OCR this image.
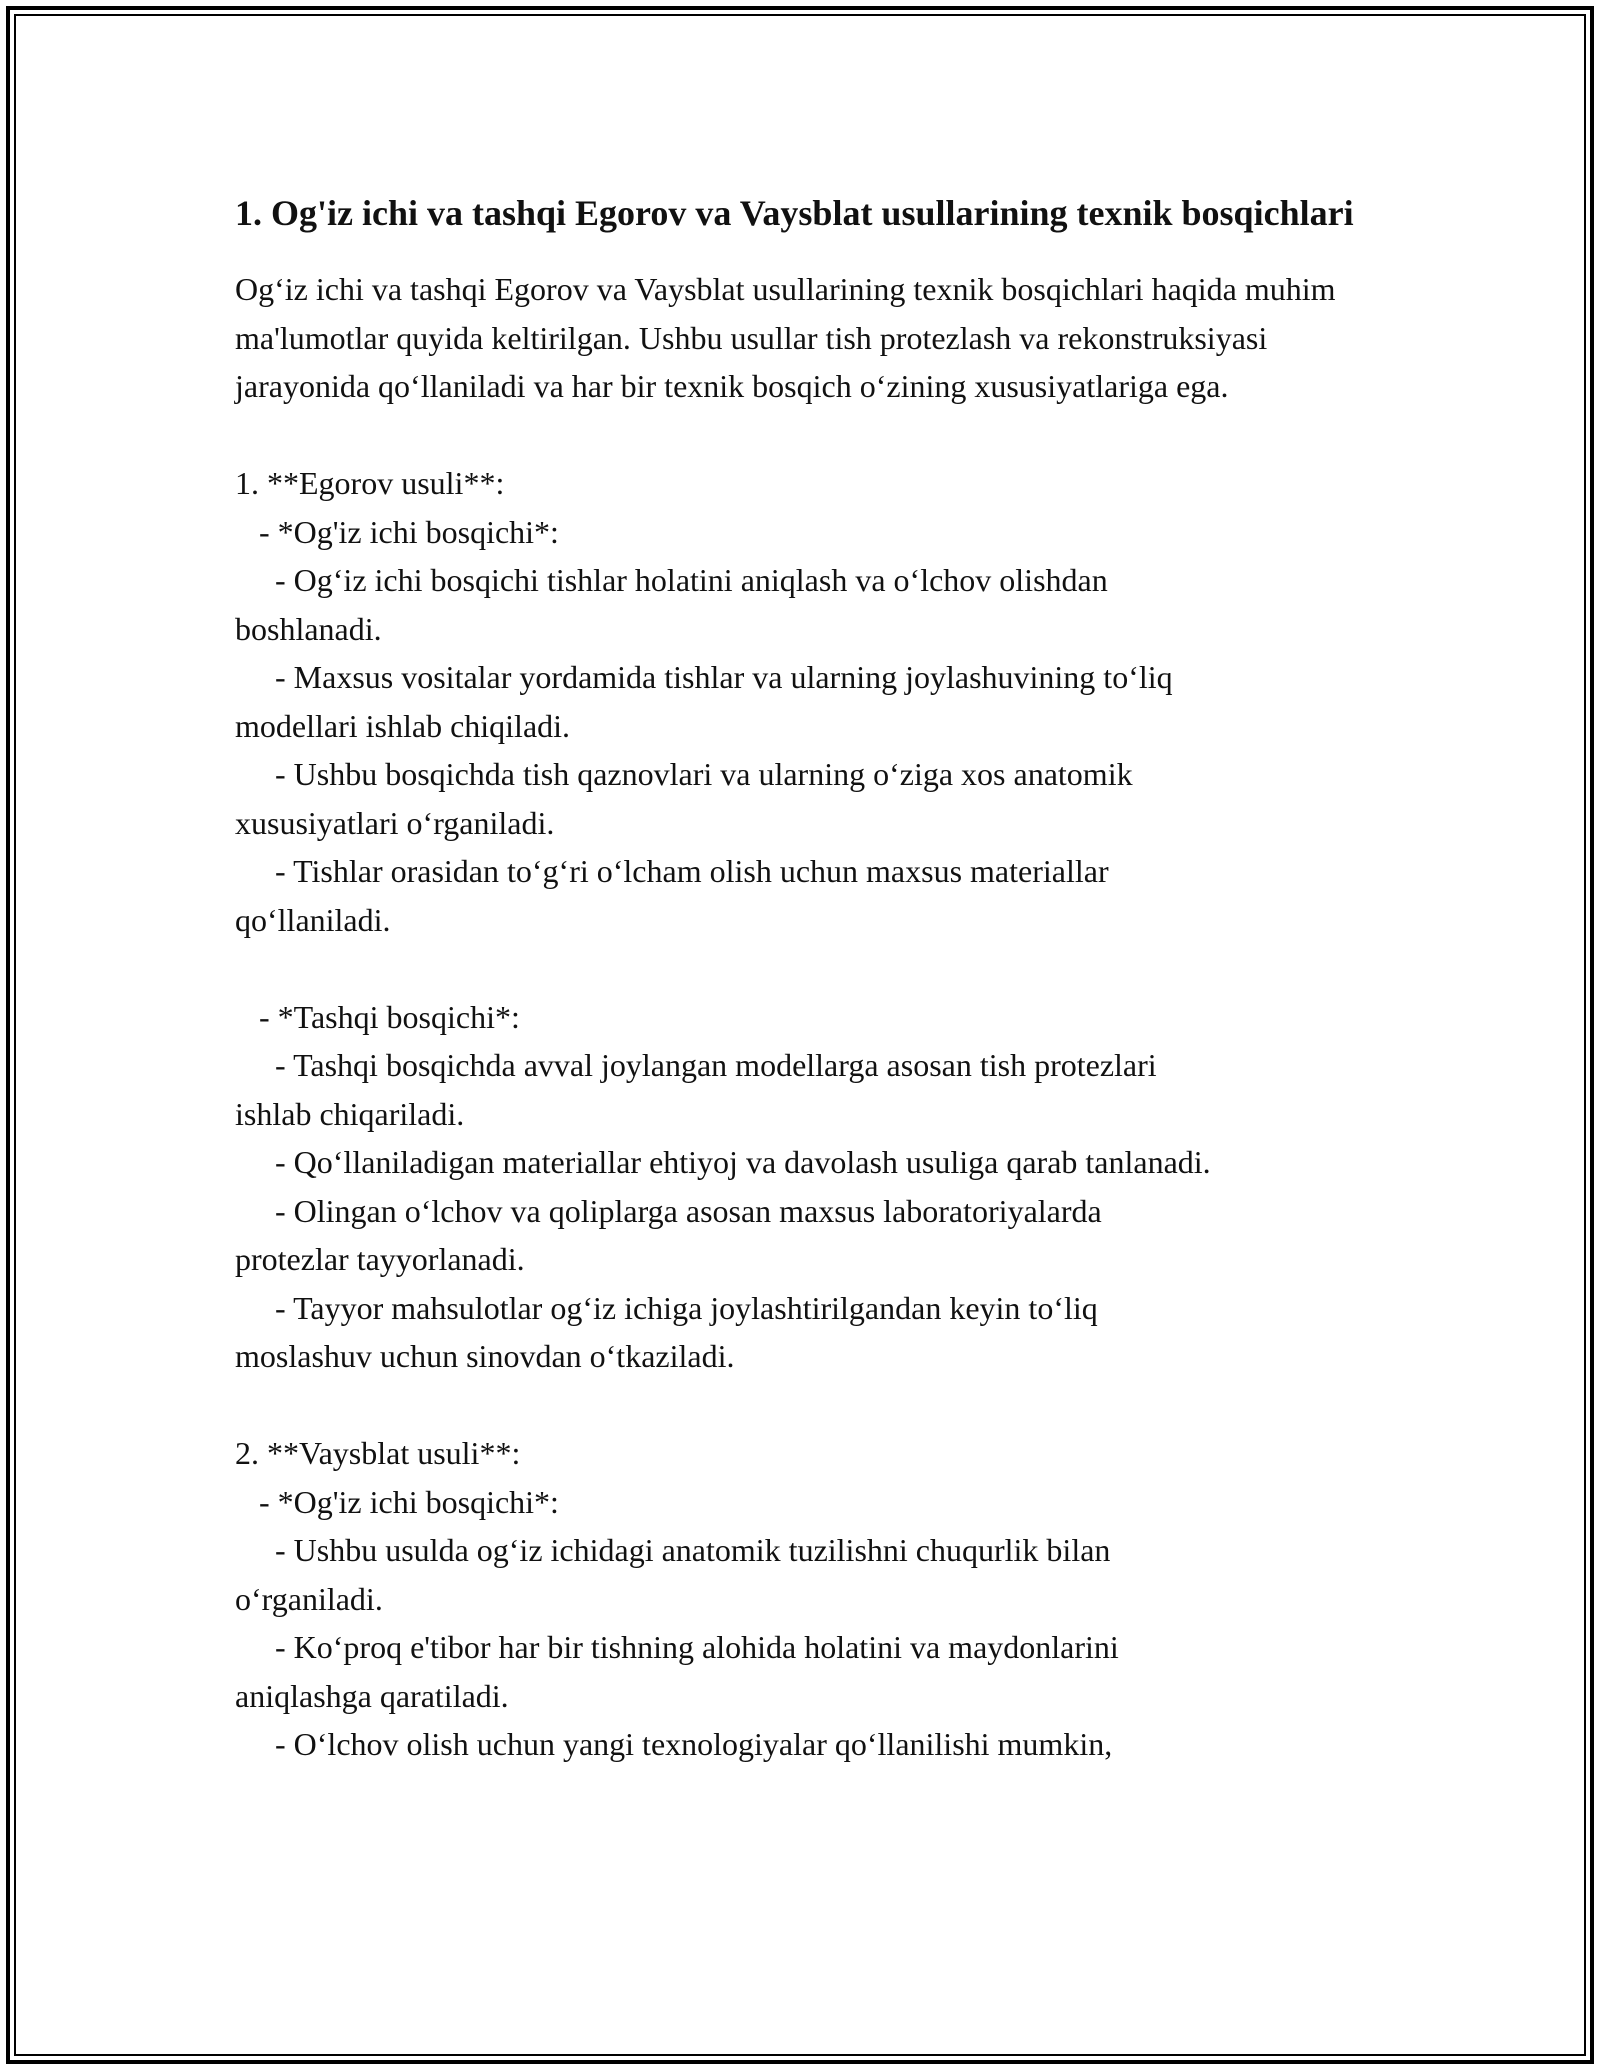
1. Og'iz ichi va tashqi Egorov va Vaysblat usullarining texnik bosqichlari

Og‘iz ichi va tashqi Egorov va Vaysblat usullarining texnik bosqichlari haqida muhim ma'lumotlar quyida keltirilgan. Ushbu usullar tish protezlash va rekonstruksiyasi jarayonida qo‘llaniladi va har bir texnik bosqich o‘zining xususiyatlariga ega.

1. **Egorov usuli**:
- *Og'iz ichi bosqichi*:
- Og‘iz ichi bosqichi tishlar holatini aniqlash va o‘lchov olishdan
boshlanadi.
- Maxsus vositalar yordamida tishlar va ularning joylashuvining to‘liq
modellari ishlab chiqiladi.
- Ushbu bosqichda tish qaznovlari va ularning o‘ziga xos anatomik
xususiyatlari o‘rganiladi.
- Tishlar orasidan to‘g‘ri o‘lcham olish uchun maxsus materiallar
qo‘llaniladi.
- *Tashqi bosqichi*:
- Tashqi bosqichda avval joylangan modellarga asosan tish protezlari
ishlab chiqariladi.
- Qo‘llaniladigan materiallar ehtiyoj va davolash usuliga qarab tanlanadi.
- Olingan o‘lchov va qoliplarga asosan maxsus laboratoriyalarda
protezlar tayyorlanadi.
- Tayyor mahsulotlar og‘iz ichiga joylashtirilgandan keyin to‘liq
moslashuv uchun sinovdan o‘tkaziladi.
2. **Vaysblat usuli**:
- *Og'iz ichi bosqichi*:
- Ushbu usulda og‘iz ichidagi anatomik tuzilishni chuqurlik bilan
o‘rganiladi.
- Ko‘proq e'tibor har bir tishning alohida holatini va maydonlarini
aniqlashga qaratiladi.
- O‘lchov olish uchun yangi texnologiyalar qo‘llanilishi mumkin,
